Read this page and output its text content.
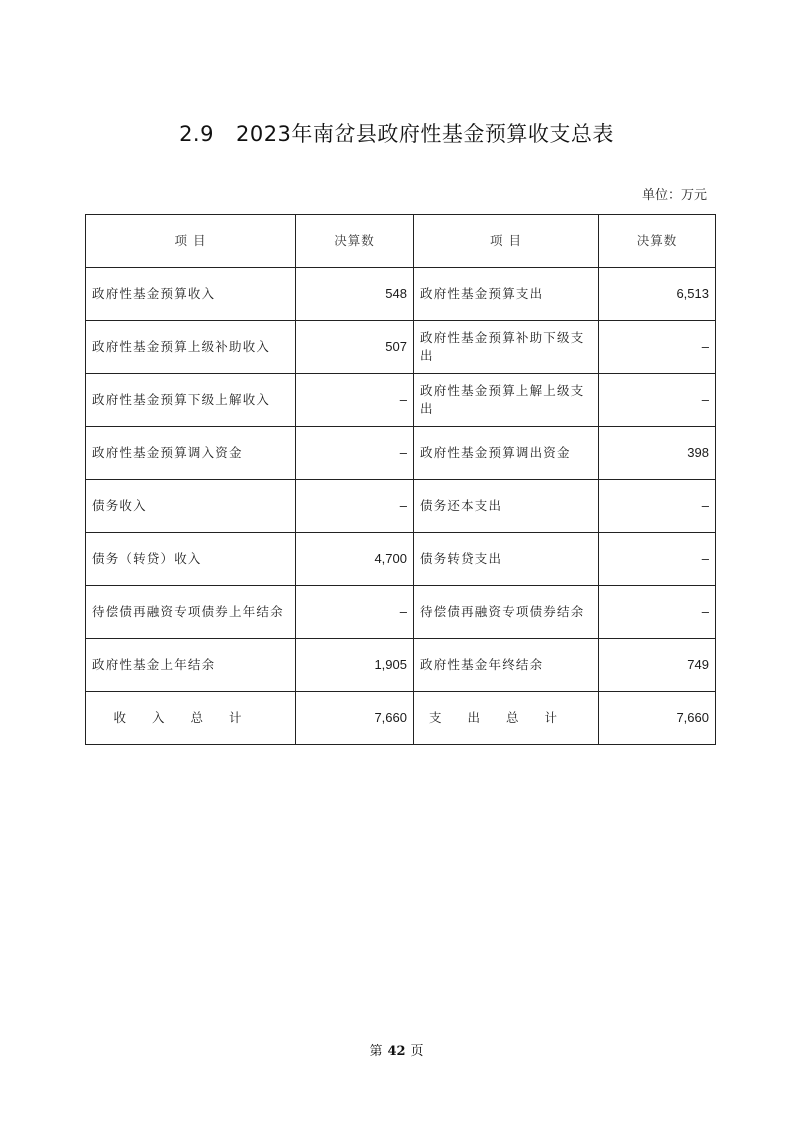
2.9 2023年南岔县政府性基金预算收支总表
单位：万元
项 目	决算数	项 目	决算数
政府性基金预算收入	548	政府性基金预算支出	6,513
政府性基金预算上级补助收入	507	政府性基金预算补助下级支出	–
政府性基金预算下级上解收入	–	政府性基金预算上解上级支出	–
政府性基金预算调入资金	–	政府性基金预算调出资金	398
债务收入	–	债务还本支出	–
债务（转贷）收入	4,700	债务转贷支出	–
待偿债再融资专项债券上年结余	–	待偿债再融资专项债券结余	–
政府性基金上年结余	1,905	政府性基金年终结余	749
收入总计	7,660	支出总计	7,660
第 42 页
